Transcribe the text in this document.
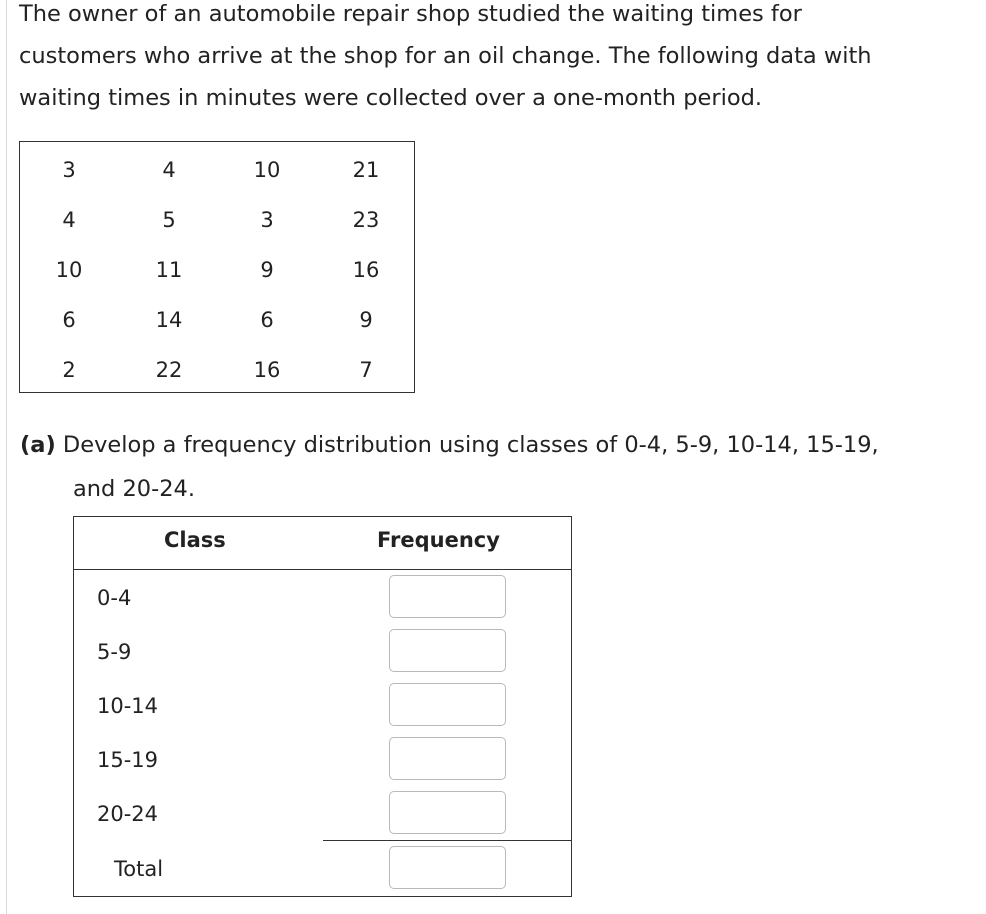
The owner of an automobile repair shop studied the waiting times for
customers who arrive at the shop for an oil change. The following data with
waiting times in minutes were collected over a one-month period.
3	4	10	21
4	5	3	23
10	11	9	16
6	14	6	9
2	22	16	7
(a) Develop a frequency distribution using classes of 0-4, 5-9, 10-14, 15-19,
and 20-24.
Class	Frequency
0-4
5-9
10-14
15-19
20-24
Total
